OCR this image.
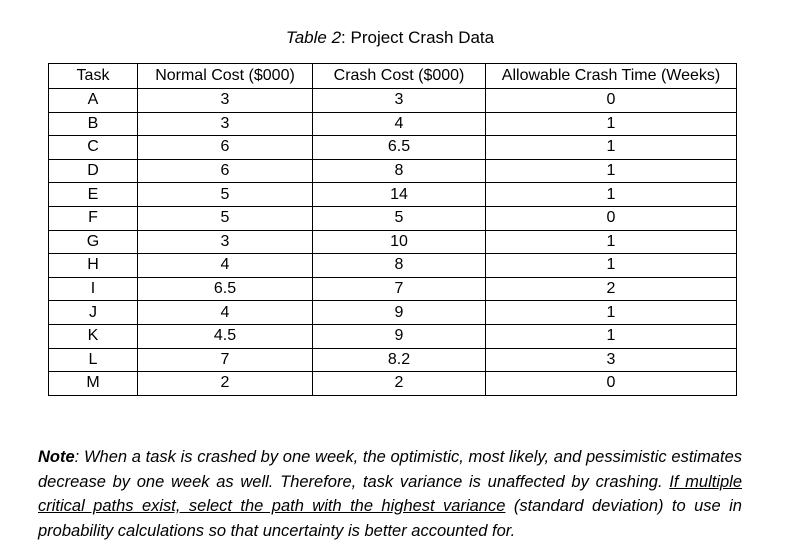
Table 2: Project Crash Data
Task	Normal Cost ($000)	Crash Cost ($000)	Allowable Crash Time (Weeks)
A	3	3	0
B	3	4	1
C	6	6.5	1
D	6	8	1
E	5	14	1
F	5	5	0
G	3	10	1
H	4	8	1
I	6.5	7	2
J	4	9	1
K	4.5	9	1
L	7	8.2	3
M	2	2	0
Note: When a task is crashed by one week, the optimistic, most likely, and pessimistic estimates decrease by one week as well. Therefore, task variance is unaffected by crashing. If multiple critical paths exist, select the path with the highest variance (standard deviation) to use in probability calculations so that uncertainty is better accounted for.
